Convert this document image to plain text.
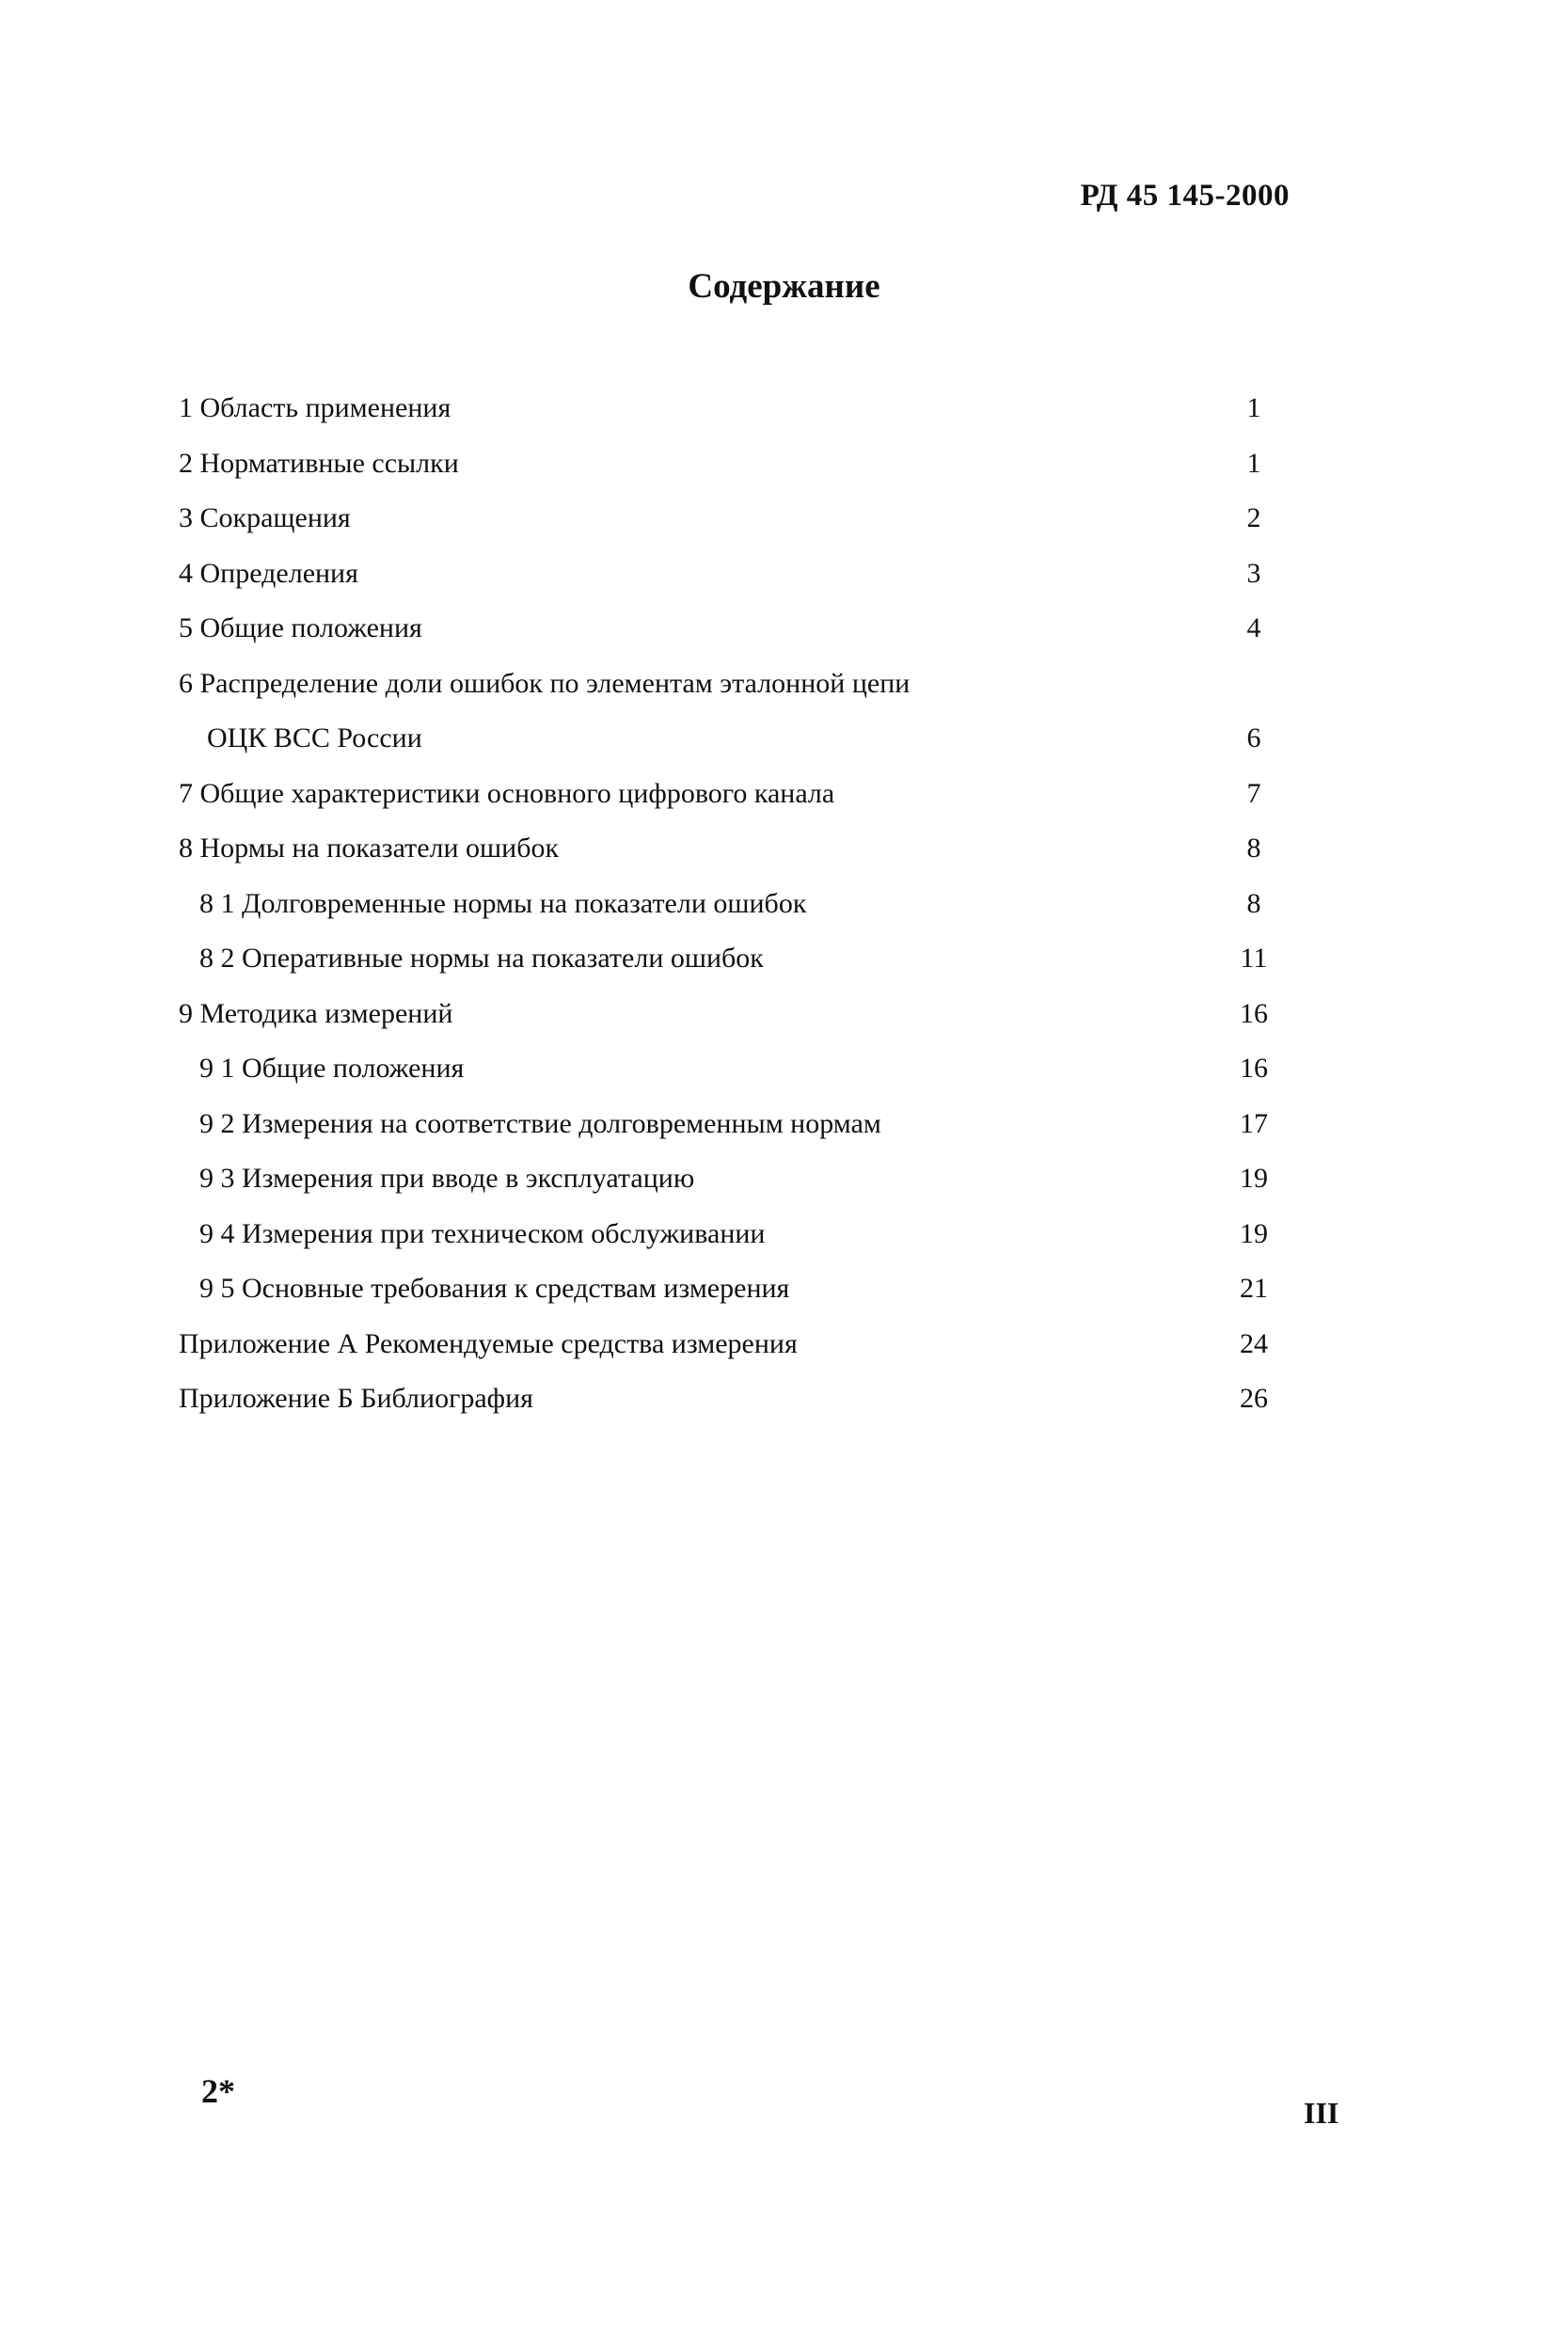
РД 45 145-2000
Содержание
1 Область применения	1
2 Нормативные ссылки	1
3 Сокращения	2
4 Определения	3
5 Общие положения	4
6 Распределение доли ошибок по элементам эталонной цепи
ОЦК ВСС России	6
7 Общие характеристики основного цифрового канала	7
8 Нормы на показатели ошибок	8
8 1 Долговременные нормы на показатели ошибок	8
8 2 Оперативные нормы на показатели ошибок	11
9 Методика измерений	16
9 1 Общие положения	16
9 2 Измерения на соответствие долговременным нормам	17
9 3 Измерения при вводе в эксплуатацию	19
9 4 Измерения при техническом обслуживании	19
9 5 Основные требования к средствам измерения	21
Приложение А Рекомендуемые средства измерения	24
Приложение Б Библиография	26
2*
III
